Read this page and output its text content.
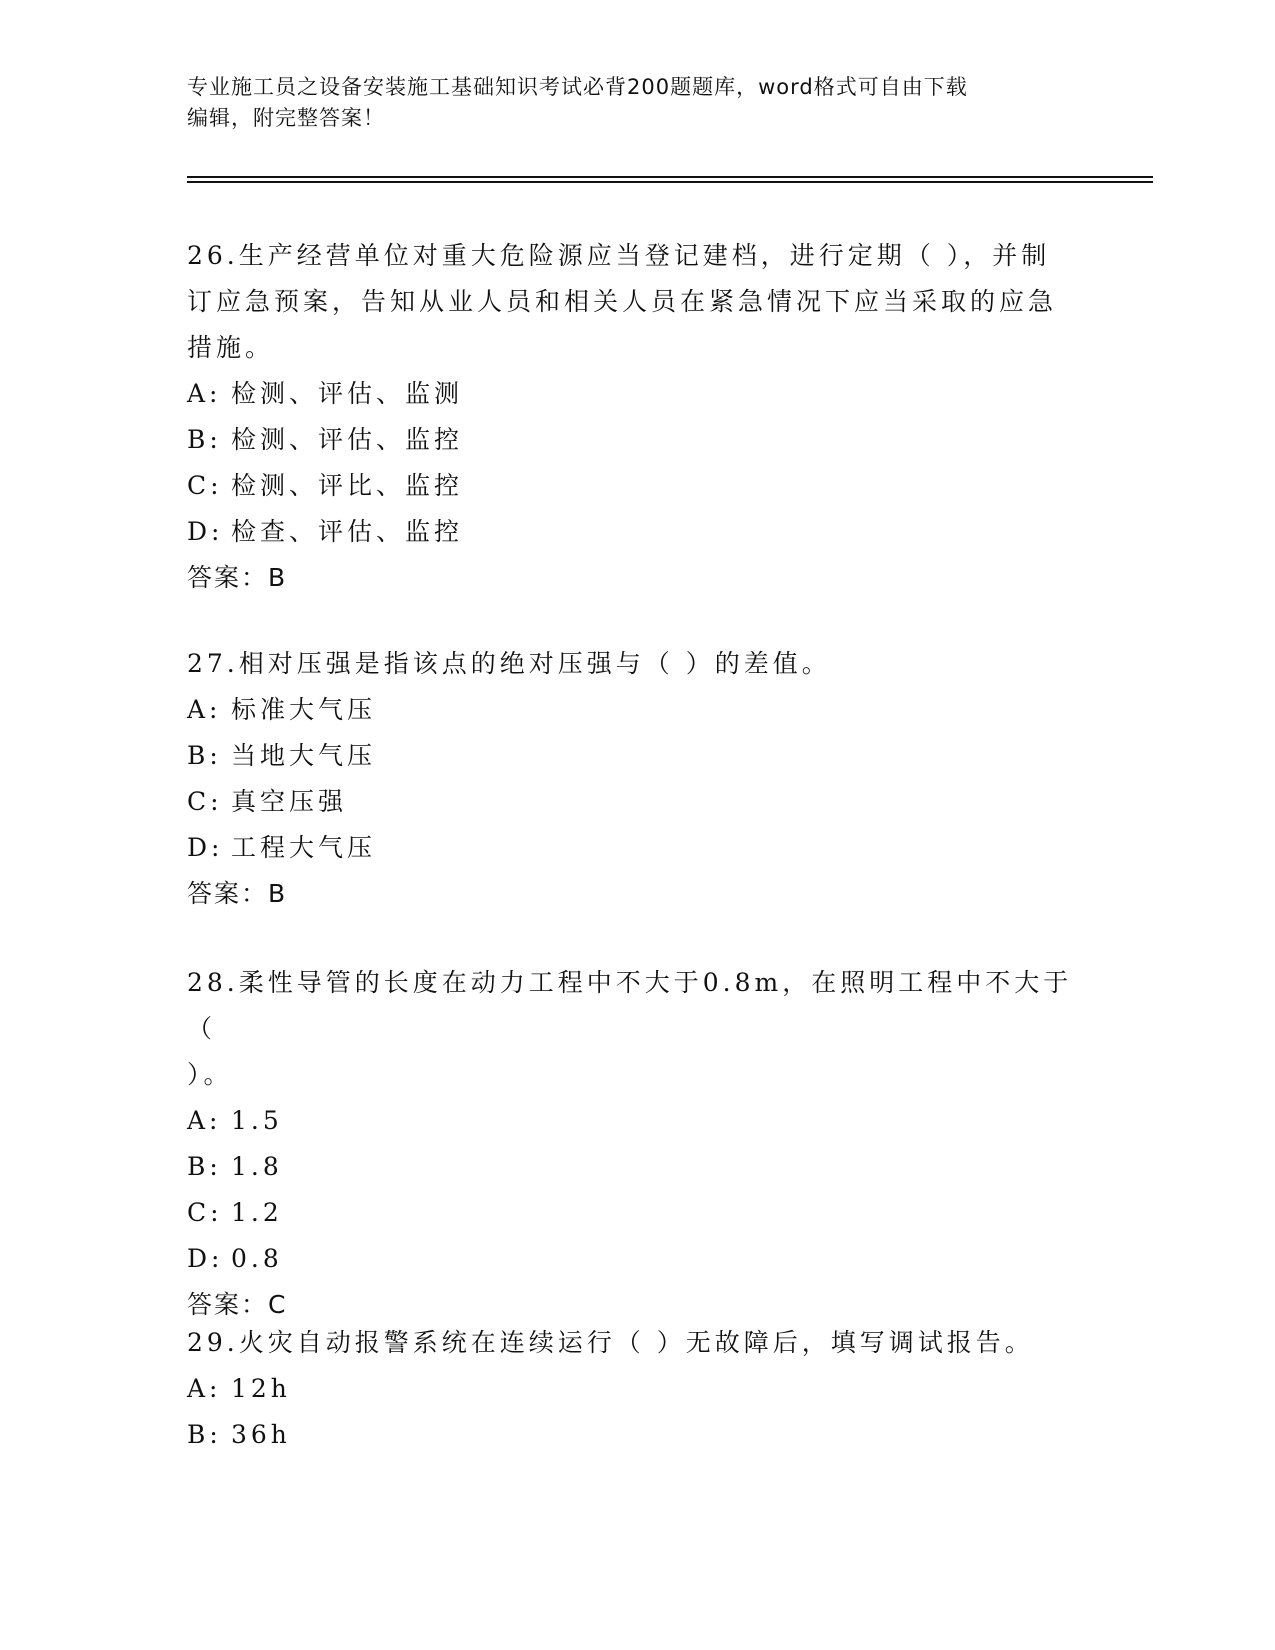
专业施工员之设备安装施工基础知识考试必背200题题库，word格式可自由下载
编辑，附完整答案！

26.生产经营单位对重大危险源应当登记建档，进行定期（ ），并制

订应急预案，告知从业人员和相关人员在紧急情况下应当采取的应急

措施。

A: 检测、评估、监测

B: 检测、评估、监控

C: 检测、评比、监控

D: 检查、评估、监控

答案：B

27.相对压强是指该点的绝对压强与（ ）的差值。

A: 标准大气压

B: 当地大气压

C: 真空压强

D: 工程大气压

答案：B

28.柔性导管的长度在动力工程中不大于0.8m，在照明工程中不大于（

）。

A: 1.5

B: 1.8

C: 1.2

D: 0.8

答案：C

29.火灾自动报警系统在连续运行（ ）无故障后，填写调试报告。

A: 12h

B: 36h
